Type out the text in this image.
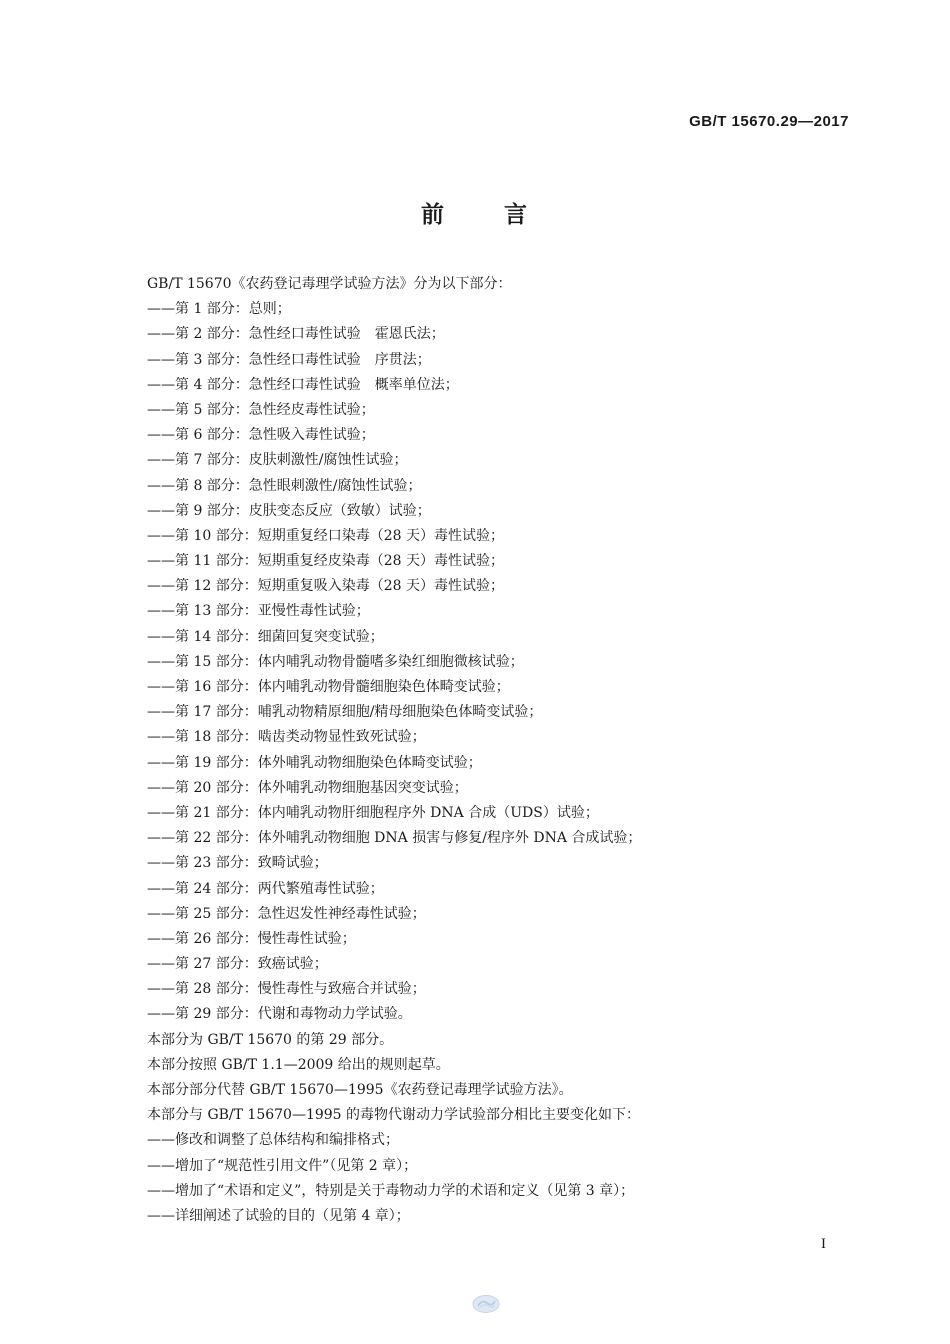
GB/T 15670.29—2017
前 言
GB/T 15670《农药登记毒理学试验方法》分为以下部分：
——第 1 部分：总则；
——第 2 部分：急性经口毒性试验　霍恩氏法；
——第 3 部分：急性经口毒性试验　序贯法；
——第 4 部分：急性经口毒性试验　概率单位法；
——第 5 部分：急性经皮毒性试验；
——第 6 部分：急性吸入毒性试验；
——第 7 部分：皮肤刺激性/腐蚀性试验；
——第 8 部分：急性眼刺激性/腐蚀性试验；
——第 9 部分：皮肤变态反应（致敏）试验；
——第 10 部分：短期重复经口染毒（28 天）毒性试验；
——第 11 部分：短期重复经皮染毒（28 天）毒性试验；
——第 12 部分：短期重复吸入染毒（28 天）毒性试验；
——第 13 部分：亚慢性毒性试验；
——第 14 部分：细菌回复突变试验；
——第 15 部分：体内哺乳动物骨髓嗜多染红细胞微核试验；
——第 16 部分：体内哺乳动物骨髓细胞染色体畸变试验；
——第 17 部分：哺乳动物精原细胞/精母细胞染色体畸变试验；
——第 18 部分：啮齿类动物显性致死试验；
——第 19 部分：体外哺乳动物细胞染色体畸变试验；
——第 20 部分：体外哺乳动物细胞基因突变试验；
——第 21 部分：体内哺乳动物肝细胞程序外 DNA 合成（UDS）试验；
——第 22 部分：体外哺乳动物细胞 DNA 损害与修复/程序外 DNA 合成试验；
——第 23 部分：致畸试验；
——第 24 部分：两代繁殖毒性试验；
——第 25 部分：急性迟发性神经毒性试验；
——第 26 部分：慢性毒性试验；
——第 27 部分：致癌试验；
——第 28 部分：慢性毒性与致癌合并试验；
——第 29 部分：代谢和毒物动力学试验。
本部分为 GB/T 15670 的第 29 部分。
本部分按照 GB/T 1.1—2009 给出的规则起草。
本部分部分代替 GB/T 15670—1995《农药登记毒理学试验方法》。
本部分与 GB/T 15670—1995 的毒物代谢动力学试验部分相比主要变化如下：
——修改和调整了总体结构和编排格式；
——增加了“规范性引用文件”（见第 2 章）；
——增加了“术语和定义”，特别是关于毒物动力学的术语和定义（见第 3 章）；
——详细阐述了试验的目的（见第 4 章）；
I
